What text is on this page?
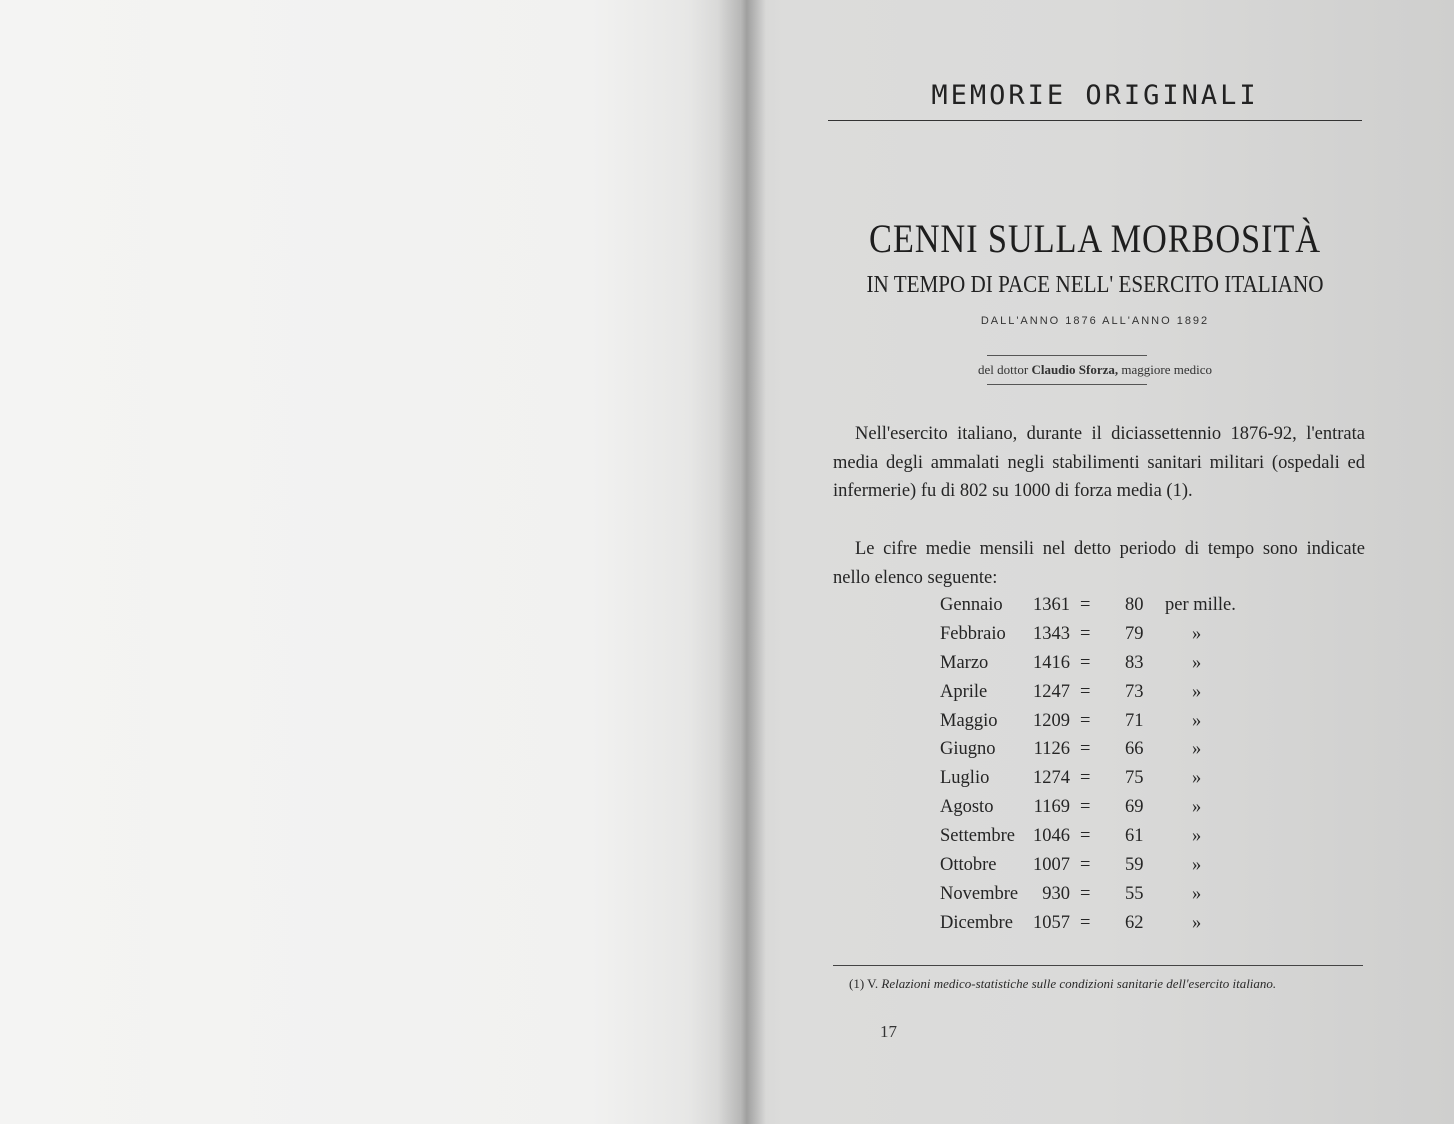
MEMORIE ORIGINALI
CENNI SULLA MORBOSITÀ
IN TEMPO DI PACE NELL' ESERCITO ITALIANO
DALL'ANNO 1876 ALL'ANNO 1892
del dottor Claudio Sforza, maggiore medico
Nell'esercito italiano, durante il diciassettennio 1876-92, l'entrata media degli ammalati negli stabilimenti sanitari militari (ospedali ed infermerie) fu di 802 su 1000 di forza media (1).
Le cifre medie mensili nel detto periodo di tempo sono indicate nello elenco seguente:
Gennaio	1361 = 80 per mille.
Febbraio	1343 = 79	»
Marzo	1416 = 83	»
Aprile	1247 = 73	»
Maggio	1209 = 71	»
Giugno	1126 = 66	»
Luglio	1274 = 75	»
Agosto	1169 = 69	»
Settembre 1046 = 61	»
Ottobre	1007 = 59	»
Novembre	930 = 55	»
Dicembre	1057 = 62	»
(1) V. Relazioni medico-statistiche sulle condizioni sanitarie dell'esercito italiano.
17
